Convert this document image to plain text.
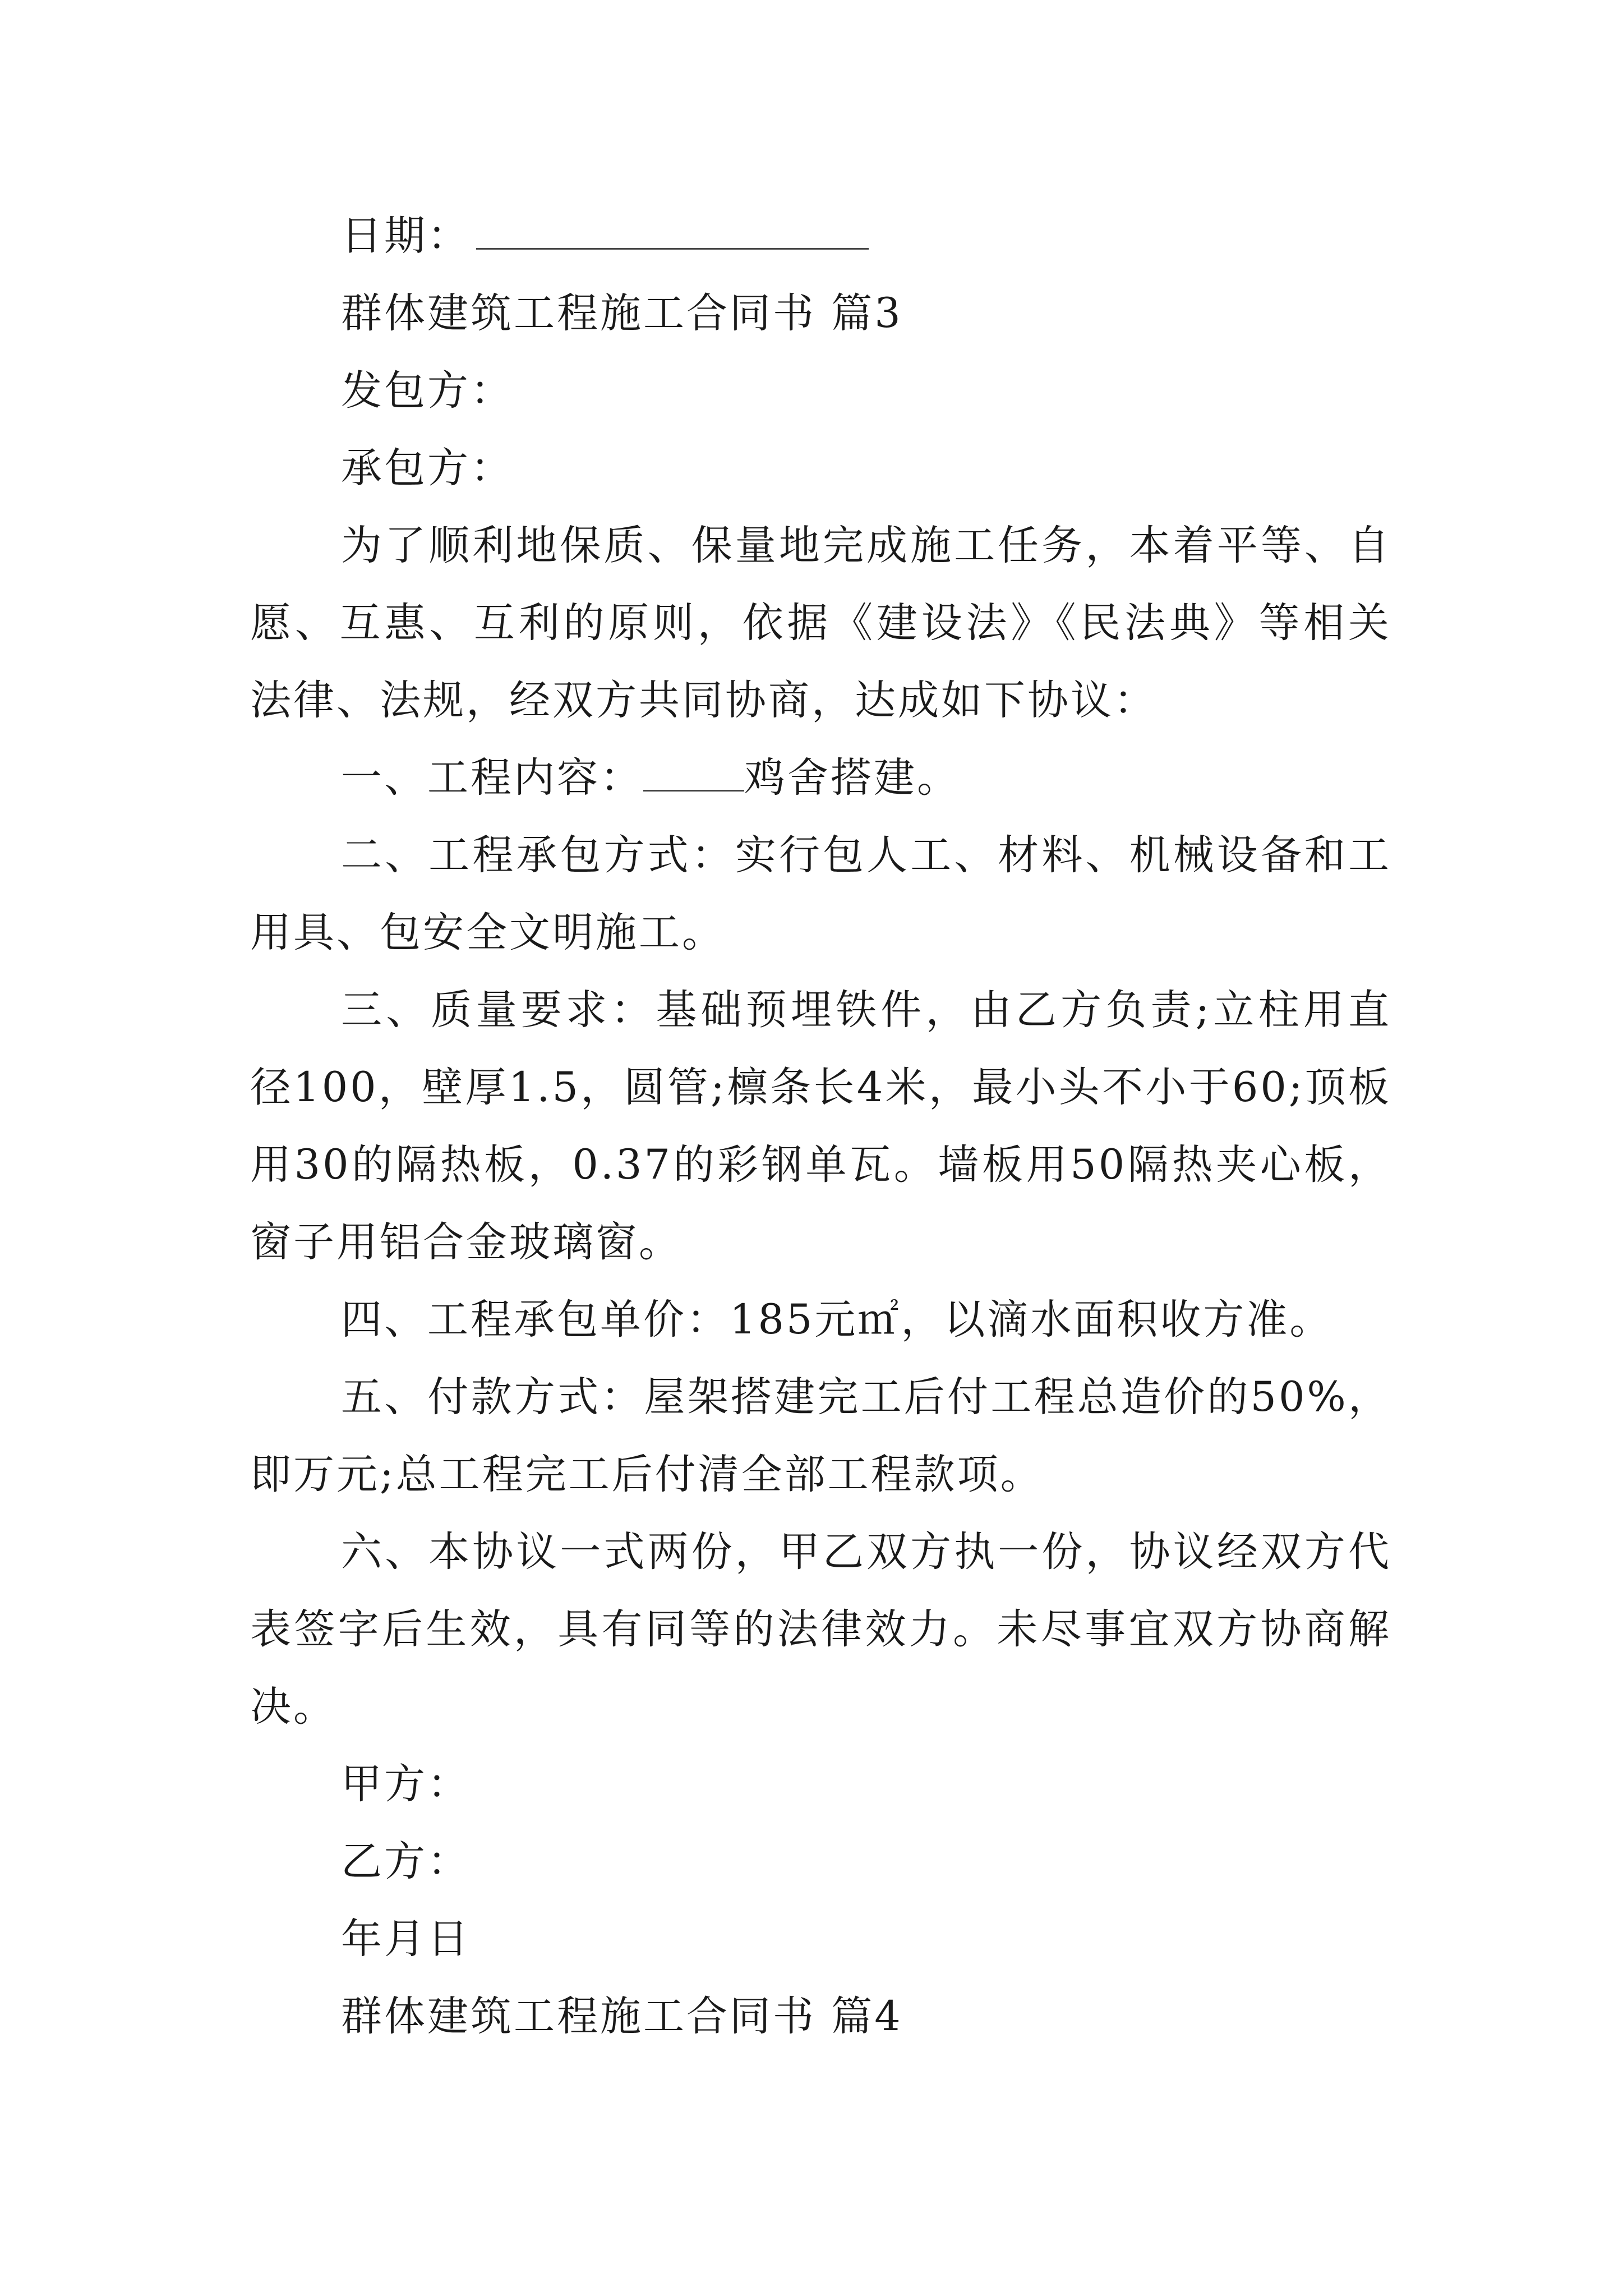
日期：
群体建筑工程施工合同书 篇3
发包方：
承包方：
为了顺利地保质、保量地完成施工任务，本着平等、自愿、互惠、互利的原则，依据《建设法》《民法典》等相关法律、法规，经双方共同协商，达成如下协议：
一、工程内容： 鸡舍搭建。
二、工程承包方式：实行包人工、材料、机械设备和工用具、包安全文明施工。
三、质量要求：基础预埋铁件，由乙方负责;立柱用直径100，壁厚1.5，圆管;檩条长4米，最小头不小于60;顶板用30的隔热板，0.37的彩钢单瓦。墙板用50隔热夹心板，窗子用铝合金玻璃窗。
四、工程承包单价：185元㎡，以滴水面积收方准。
五、付款方式：屋架搭建完工后付工程总造价的50%，即万元;总工程完工后付清全部工程款项。
六、本协议一式两份，甲乙双方执一份，协议经双方代表签字后生效，具有同等的法律效力。未尽事宜双方协商解决。
甲方：
乙方：
年月日
群体建筑工程施工合同书 篇4
